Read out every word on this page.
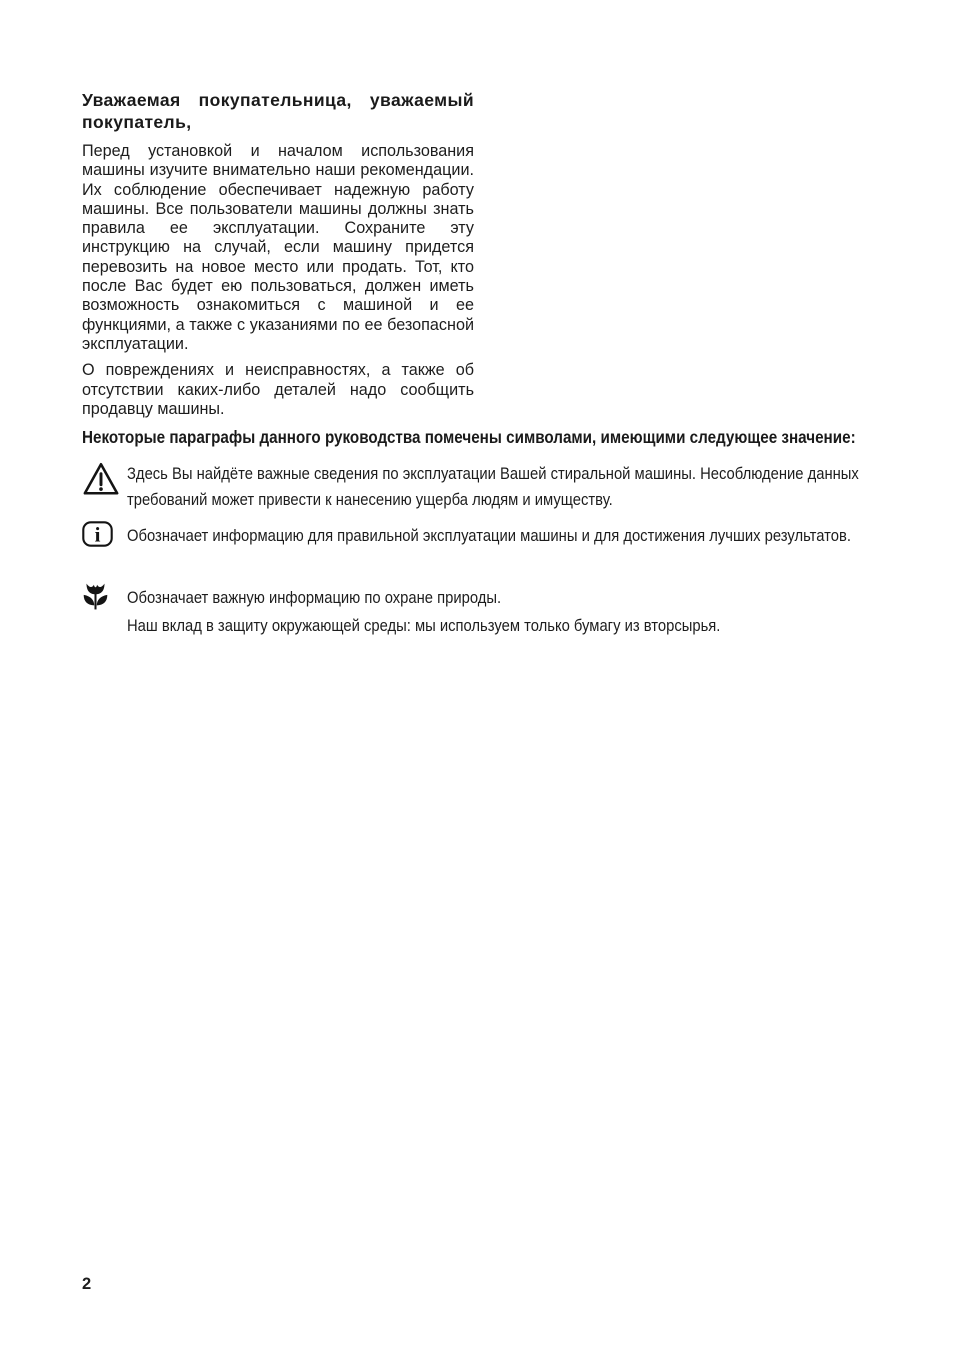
Уважаемая покупательница, уважаемый покупатель,

Перед установкой и началом использования машины изучите внимательно наши рекомендации. Их соблюдение обеспечивает надежную работу машины. Все пользователи машины должны знать правила ее эксплуатации. Сохраните эту инструкцию на случай, если машину придется перевозить на новое место или продать. Тот, кто после Вас будет ею пользоваться, должен иметь возможность ознакомиться с машиной и ее функциями, а также с указаниями по ее безопасной эксплуатации.

О повреждениях и неисправностях, а также об отсутствии каких-либо деталей надо сообщить продавцу машины.

Некоторые параграфы данного руководства помечены символами, имеющими следующее значение:
Здесь Вы найдёте важные сведения по эксплуатации Вашей стиральной машины. Несоблюдение данных требований может привести к нанесению ущерба людям и имуществу.
i Обозначает информацию для правильной эксплуатации машины и для достижения лучших результатов.
Обозначает важную информацию по охране природы.
Наш вклад в защиту окружающей среды: мы используем только бумагу из вторсырья.
2
